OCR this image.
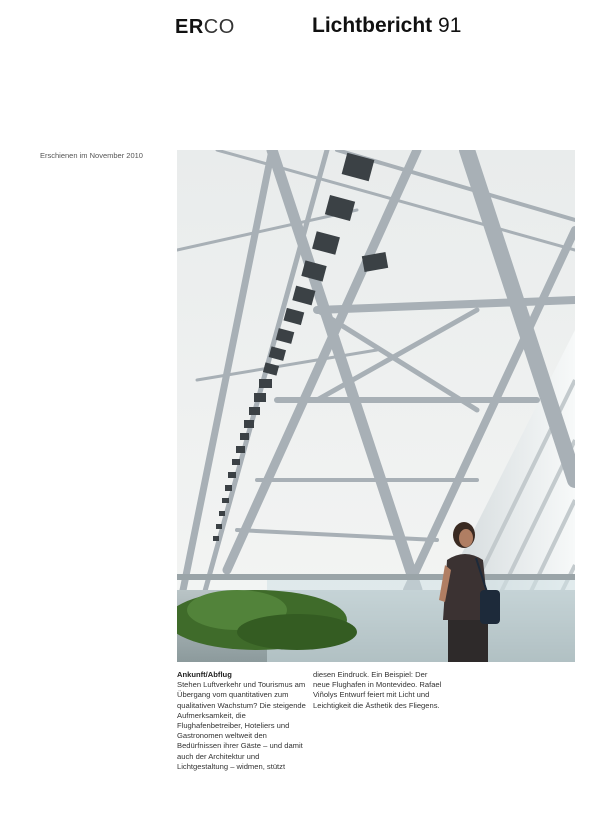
ERCO	Lichtbericht 91
Erschienen im November 2010
Ankunft/Abflug
Stehen Luftverkehr und Tourismus am Übergang vom quantitativen zum qualitativen Wachstum? Die steigende Aufmerksamkeit, die Flughafenbetreiber, Hoteliers und Gastronomen weltweit den Bedürfnissen ihrer Gäste – und damit auch der Architektur und Lichtgestaltung – widmen, stützt
diesen Eindruck. Ein Beispiel: Der neue Flughafen in Montevideo. Rafael Viñolys Entwurf feiert mit Licht und Leichtigkeit die Ästhetik des Fliegens.
